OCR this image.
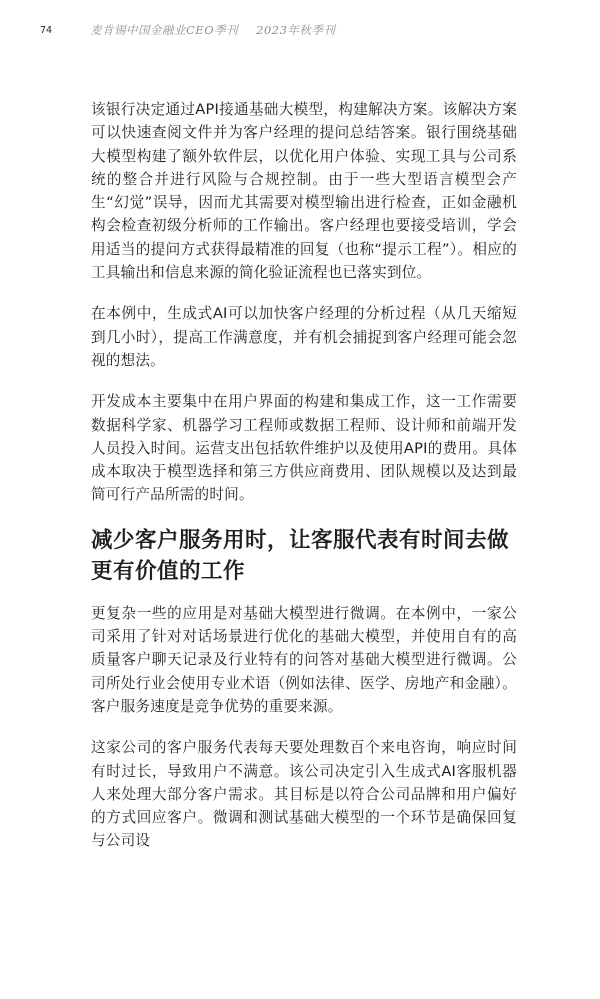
74	麦肯锡中国金融业CEO季刊 2023年秋季刊

该银行决定通过API接通基础大模型，构建解决方案。该解决方案可以快速查阅文件并为客户经理的提问总结答案。银行围绕基础大模型构建了额外软件层，以优化用户体验、实现工具与公司系统的整合并进行风险与合规控制。由于一些大型语言模型会产生“幻觉”误导，因而尤其需要对模型输出进行检查，正如金融机构会检查初级分析师的工作输出。客户经理也要接受培训，学会用适当的提问方式获得最精准的回复（也称“提示工程”）。相应的工具输出和信息来源的简化验证流程也已落实到位。

在本例中，生成式AI可以加快客户经理的分析过程（从几天缩短到几小时），提高工作满意度，并有机会捕捉到客户经理可能会忽视的想法。

开发成本主要集中在用户界面的构建和集成工作，这一工作需要数据科学家、机器学习工程师或数据工程师、设计师和前端开发人员投入时间。运营支出包括软件维护以及使用API的费用。具体成本取决于模型选择和第三方供应商费用、团队规模以及达到最简可行产品所需的时间。

减少客户服务用时，让客服代表有时间去做更有价值的工作

更复杂一些的应用是对基础大模型进行微调。在本例中，一家公司采用了针对对话场景进行优化的基础大模型，并使用自有的高质量客户聊天记录及行业特有的问答对基础大模型进行微调。公司所处行业会使用专业术语（例如法律、医学、房地产和金融）。客户服务速度是竞争优势的重要来源。

这家公司的客户服务代表每天要处理数百个来电咨询，响应时间有时过长，导致用户不满意。该公司决定引入生成式AI客服机器人来处理大部分客户需求。其目标是以符合公司品牌和用户偏好的方式回应客户。微调和测试基础大模型的一个环节是确保回复与公司设
